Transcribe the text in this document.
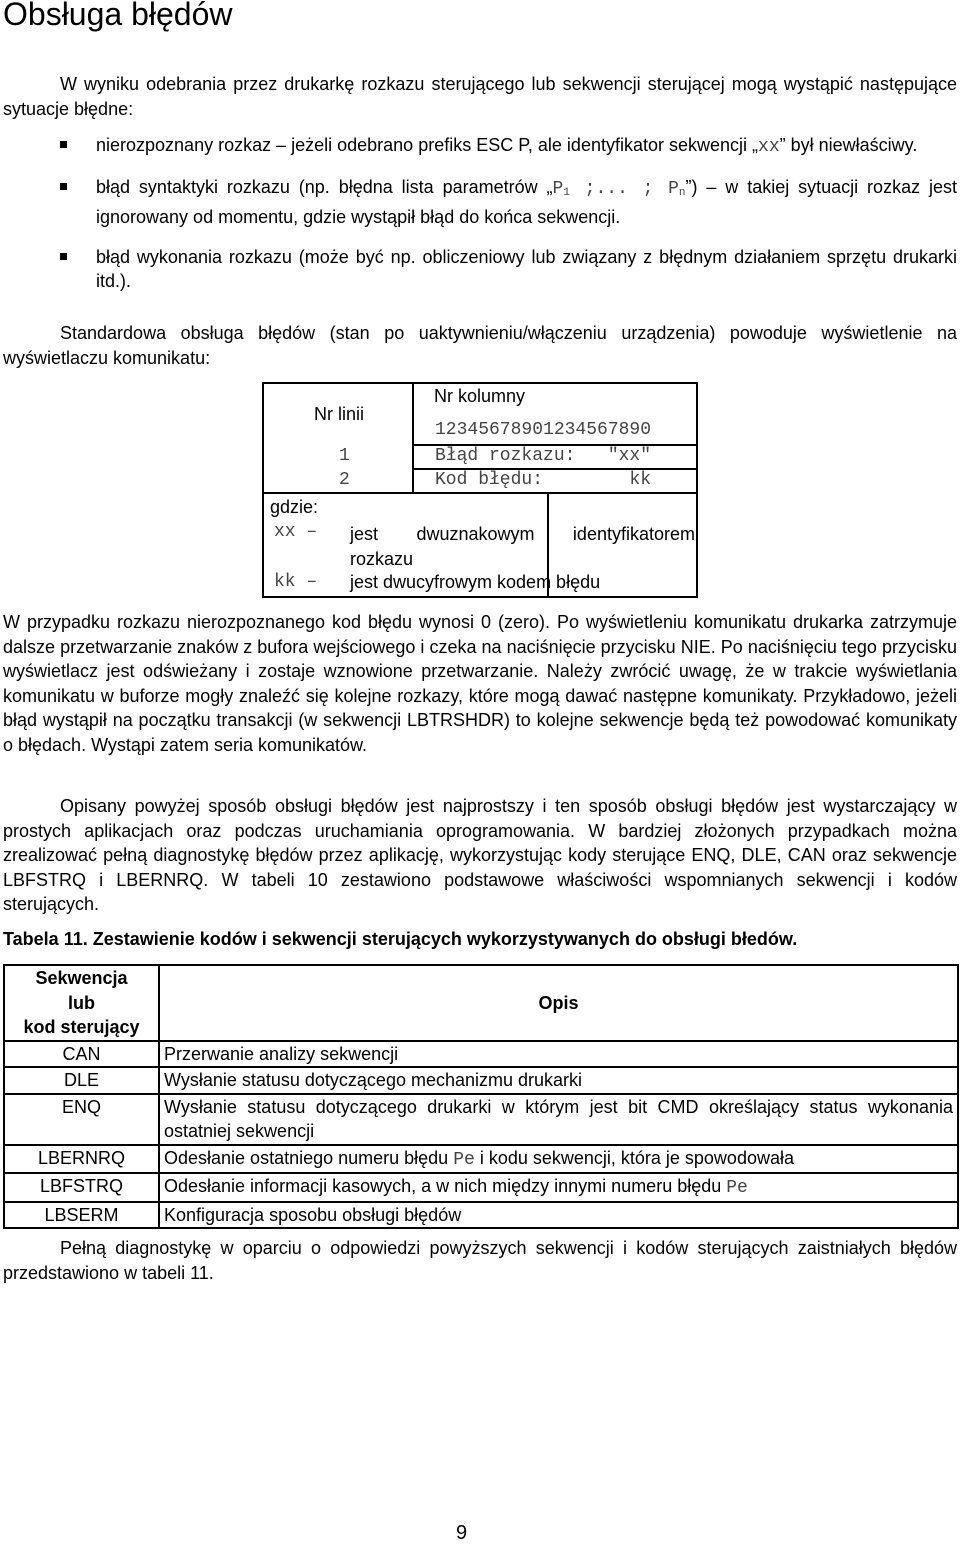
Obsługa błędów

W wyniku odebrania przez drukarkę rozkazu sterującego lub sekwencji sterującej mogą wystąpić następujące sytuacje błędne:

nierozpoznany rozkaz – jeżeli odebrano prefiks ESC P, ale identyfikator sekwencji „xx” był niewłaściwy.
błąd syntaktyki rozkazu (np. błędna lista parametrów „P1 ;... ; Pn”) – w takiej sytuacji rozkaz jest ignorowany od momentu, gdzie wystąpił błąd do końca sekwencji.
błąd wykonania rozkazu (może być np. obliczeniowy lub związany z błędnym działaniem sprzętu drukarki itd.).

Standardowa obsługa błędów (stan po uaktywnieniu/włączeniu urządzenia) powoduje wyświetlenie na wyświetlaczu komunikatu:

Nr kolumny
Nr linii
12345678901234567890
1	Błąd rozkazu:   "xx"
2	Kod błędu:        kk
gdzie:
xx – jest dwuznakowym identyfikatorem rozkazu
kk – jest dwucyfrowym kodem błędu

W przypadku rozkazu nierozpoznanego kod błędu wynosi 0 (zero). Po wyświetleniu komunikatu drukarka zatrzymuje dalsze przetwarzanie znaków z bufora wejściowego i czeka na naciśnięcie przycisku NIE. Po naciśnięciu tego przycisku wyświetlacz jest odświeżany i zostaje wznowione przetwarzanie. Należy zwrócić uwagę, że w trakcie wyświetlania komunikatu w buforze mogły znaleźć się kolejne rozkazy, które mogą dawać następne komunikaty. Przykładowo, jeżeli błąd wystąpił na początku transakcji (w sekwencji LBTRSHDR) to kolejne sekwencje będą też powodować komunikaty o błędach. Wystąpi zatem seria komunikatów.

Opisany powyżej sposób obsługi błędów jest najprostszy i ten sposób obsługi błędów jest wystarczający w prostych aplikacjach oraz podczas uruchamiania oprogramowania. W bardziej złożonych przypadkach można zrealizować pełną diagnostykę błędów przez aplikację, wykorzystując kody sterujące ENQ, DLE, CAN oraz sekwencje LBFSTRQ i LBERNRQ. W tabeli 10 zestawiono podstawowe właściwości wspomnianych sekwencji i kodów sterujących.

Tabela 11. Zestawienie kodów i sekwencji sterujących wykorzystywanych do obsługi błedów.
Sekwencja
lub
kod sterujący	Opis
CAN	Przerwanie analizy sekwencji
DLE	Wysłanie statusu dotyczącego mechanizmu drukarki
ENQ	Wysłanie statusu dotyczącego drukarki w którym jest bit CMD określający status wykonania ostatniej sekwencji
LBERNRQ	Odesłanie ostatniego numeru błędu Pe i kodu sekwencji, która je spowodowała
LBFSTRQ	Odesłanie informacji kasowych, a w nich między innymi numeru błędu Pe
LBSERM	Konfiguracja sposobu obsługi błędów

Pełną diagnostykę w oparciu o odpowiedzi powyższych sekwencji i kodów sterujących zaistniałych błędów przedstawiono w tabeli 11.

9
